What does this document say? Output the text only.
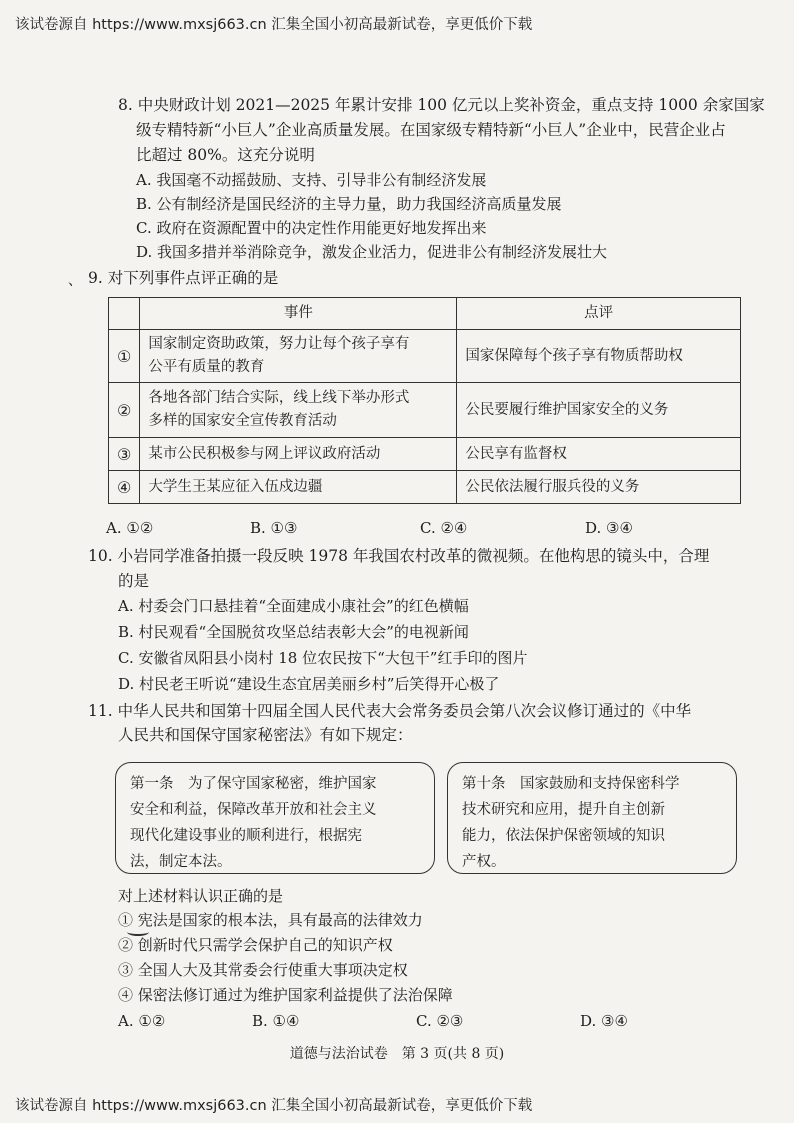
该试卷源自 https://www.mxsj663.cn 汇集全国小初高最新试卷，享更低价下载
8. 中央财政计划 2021—2025 年累计安排 100 亿元以上奖补资金，重点支持 1000 余家国家
级专精特新“小巨人”企业高质量发展。在国家级专精特新“小巨人”企业中，民营企业占
比超过 80%。这充分说明
A. 我国毫不动摇鼓励、支持、引导非公有制经济发展
B. 公有制经济是国民经济的主导力量，助力我国经济高质量发展
C. 政府在资源配置中的决定性作用能更好地发挥出来
D. 我国多措并举消除竞争，激发企业活力，促进非公有制经济发展壮大
、 9. 对下列事件点评正确的是
	事件	点评
①	国家制定资助政策，努力让每个孩子享有
公平有质量的教育	国家保障每个孩子享有物质帮助权
②	各地各部门结合实际，线上线下举办形式
多样的国家安全宣传教育活动	公民要履行维护国家安全的义务
③	某市公民积极参与网上评议政府活动	公民享有监督权
④	大学生王某应征入伍戍边疆	公民依法履行服兵役的义务
A. ①②	B. ①③	C. ②④	D. ③④
10. 小岩同学准备拍摄一段反映 1978 年我国农村改革的微视频。在他构思的镜头中，合理
的是
A. 村委会门口悬挂着“全面建成小康社会”的红色横幅
B. 村民观看“全国脱贫攻坚总结表彰大会”的电视新闻
C. 安徽省凤阳县小岗村 18 位农民按下“大包干”红手印的图片
D. 村民老王听说“建设生态宜居美丽乡村”后笑得开心极了
11. 中华人民共和国第十四届全国人民代表大会常务委员会第八次会议修订通过的《中华
人民共和国保守国家秘密法》有如下规定：
第一条　为了保守国家秘密，维护国家
安全和利益，保障改革开放和社会主义
现代化建设事业的顺利进行，根据宪
法，制定本法。
第十条　国家鼓励和支持保密科学
技术研究和应用，提升自主创新
能力，依法保护保密领域的知识
产权。
对上述材料认识正确的是
① 宪法是国家的根本法，具有最高的法律效力
② 创新时代只需学会保护自己的知识产权
③ 全国人大及其常委会行使重大事项决定权
④ 保密法修订通过为维护国家利益提供了法治保障
A. ①②	B. ①④	C. ②③	D. ③④
道德与法治试卷　第 3 页(共 8 页)
该试卷源自 https://www.mxsj663.cn 汇集全国小初高最新试卷，享更低价下载
